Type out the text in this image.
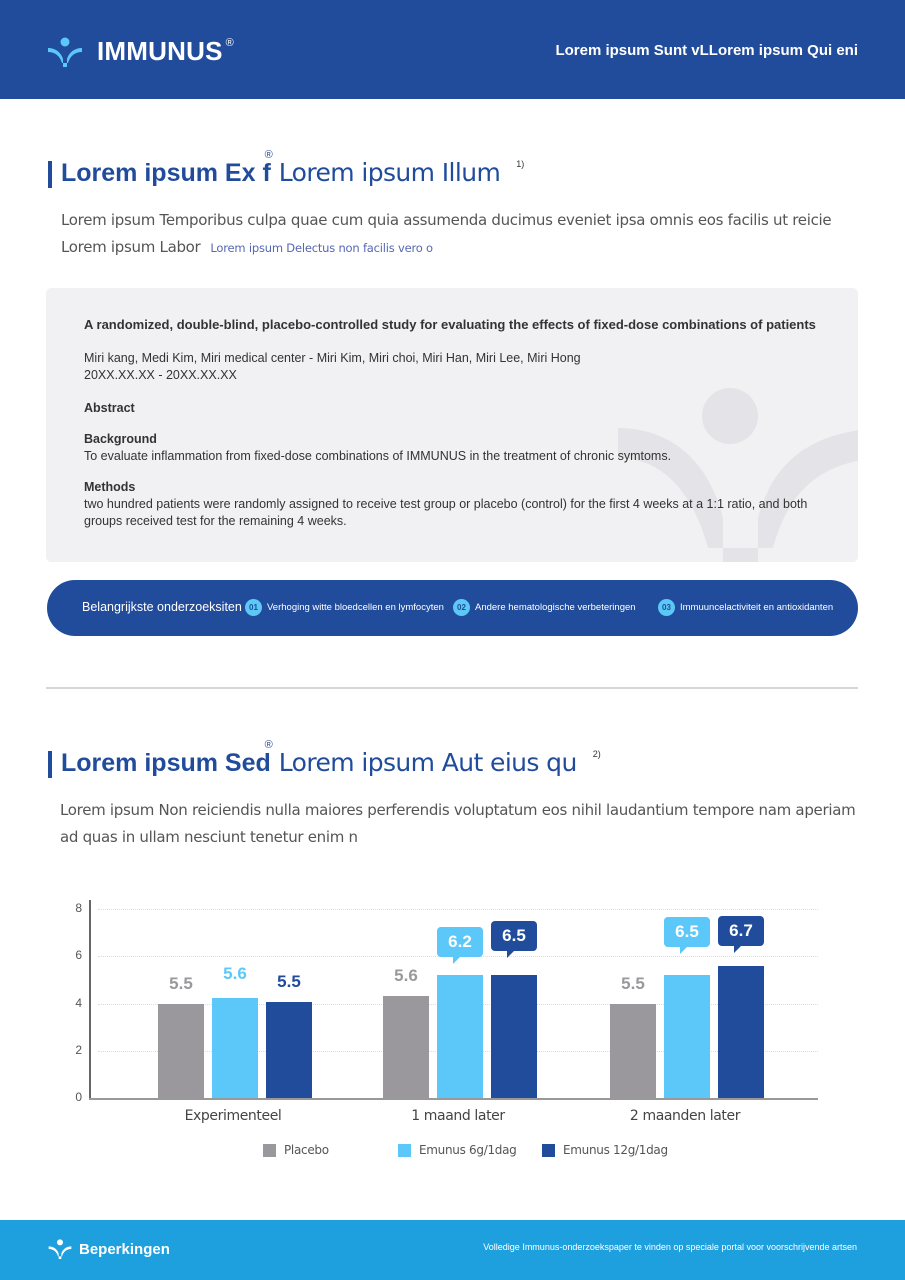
IMMUNUS ®	Lorem ipsum Sunt vLLorem ipsum Qui eni
Lorem ipsum Ex f
®
Lorem ipsum Illum 1)
Lorem ipsum Temporibus culpa quae cum quia assumenda ducimus eveniet ipsa omnis eos facilis ut reicie
Lorem ipsum Labor Lorem ipsum Delectus non facilis vero o
A randomized, double-blind, placebo-controlled study for evaluating the effects of fixed-dose combinations of patients
Miri kang, Medi Kim, Miri medical center - Miri Kim, Miri choi, Miri Han, Miri Lee, Miri Hong
20XX.XX.XX - 20XX.XX.XX
Abstract
Background
To evaluate inflammation from fixed-dose combinations of IMMUNUS in the treatment of chronic symtoms.
Methods
two hundred patients were randomly assigned to receive test group or placebo (control) for the first 4 weeks at a 1:1 ratio, and both groups received test for the remaining 4 weeks.
Belangrijkste onderzoeksiten 01 Verhoging witte bloedcellen en lymfocyten	02 Andere hematologische verbeteringen	03 Immuuncelactiviteit en antioxidanten
Lorem ipsum Sed
®
Lorem ipsum Aut eius qu 2)
Lorem ipsum Non reiciendis nulla maiores perferendis voluptatum eos nihil laudantium tempore nam aperiam
ad quas in ullam nesciunt tenetur enim n
0
2
4
6
8
5.5
5.6	5.5
Experimenteel
5.6
6.2	6.5
1 maand later
5.5
6.5	6.7
2 maanden later
Placebo	Emunus 6g/1dag	Emunus 12g/1dag
Beperkingen	Volledige Immunus-onderzoekspaper te vinden op speciale portal voor voorschrijvende artsen
